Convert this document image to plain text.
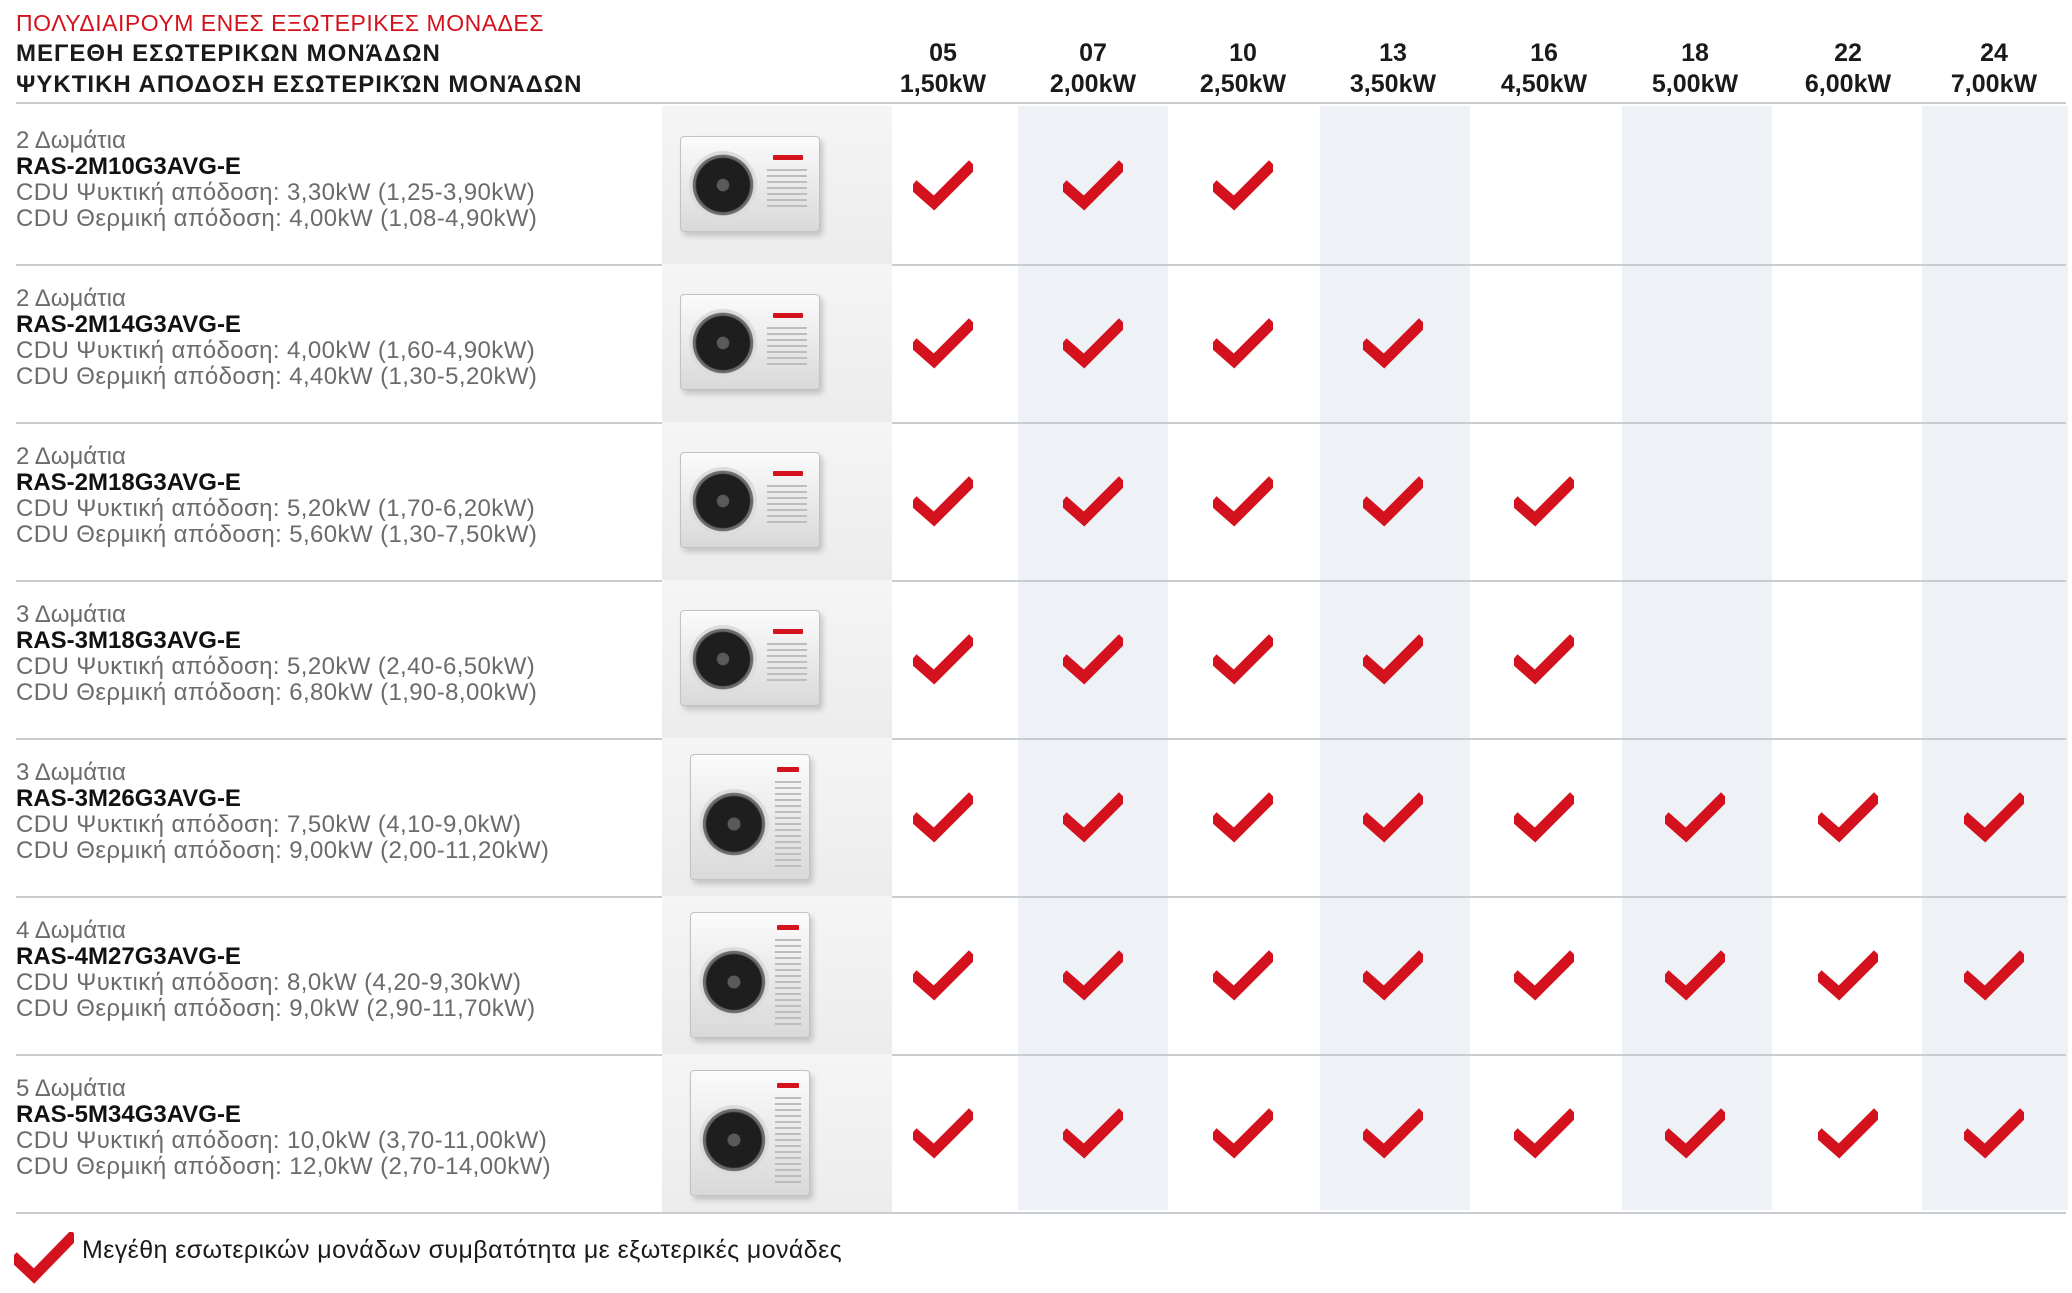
ΠΟΛΥΔΙΑΙΡΟΥΜ ΕΝΕΣ ΕΞΩΤΕΡΙΚΕΣ ΜΟΝΑΔΕΣ
ΜΕΓΕΘΗ ΕΣΩΤΕΡΙΚΩΝ ΜΟΝΆΔΩΝ
ΨΥΚΤΙΚΗ ΑΠΟΔΟΣΗ ΕΣΩΤΕΡΙΚΏΝ ΜΟΝΆΔΩΝ
05
1,50kW
07
2,00kW
10
2,50kW
13
3,50kW
16
4,50kW
18
5,00kW
22
6,00kW
24
7,00kW
2 Δωμάτια
RAS-2M10G3AVG-E
CDU Ψυκτική απόδοση: 3,30kW (1,25-3,90kW)
CDU Θερμική απόδοση: 4,00kW (1,08-4,90kW)
2 Δωμάτια
RAS-2M14G3AVG-E
CDU Ψυκτική απόδοση: 4,00kW (1,60-4,90kW)
CDU Θερμική απόδοση: 4,40kW (1,30-5,20kW)
2 Δωμάτια
RAS-2M18G3AVG-E
CDU Ψυκτική απόδοση: 5,20kW (1,70-6,20kW)
CDU Θερμική απόδοση: 5,60kW (1,30-7,50kW)
3 Δωμάτια
RAS-3M18G3AVG-E
CDU Ψυκτική απόδοση: 5,20kW (2,40-6,50kW)
CDU Θερμική απόδοση: 6,80kW (1,90-8,00kW)
3 Δωμάτια
RAS-3M26G3AVG-E
CDU Ψυκτική απόδοση: 7,50kW (4,10-9,0kW)
CDU Θερμική απόδοση: 9,00kW (2,00-11,20kW)
4 Δωμάτια
RAS-4M27G3AVG-E
CDU Ψυκτική απόδοση: 8,0kW (4,20-9,30kW)
CDU Θερμική απόδοση: 9,0kW (2,90-11,70kW)
5 Δωμάτια
RAS-5M34G3AVG-E
CDU Ψυκτική απόδοση: 10,0kW (3,70-11,00kW)
CDU Θερμική απόδοση: 12,0kW (2,70-14,00kW)
Μεγέθη εσωτερικών μονάδων συμβατότητα με εξωτερικές μονάδες
